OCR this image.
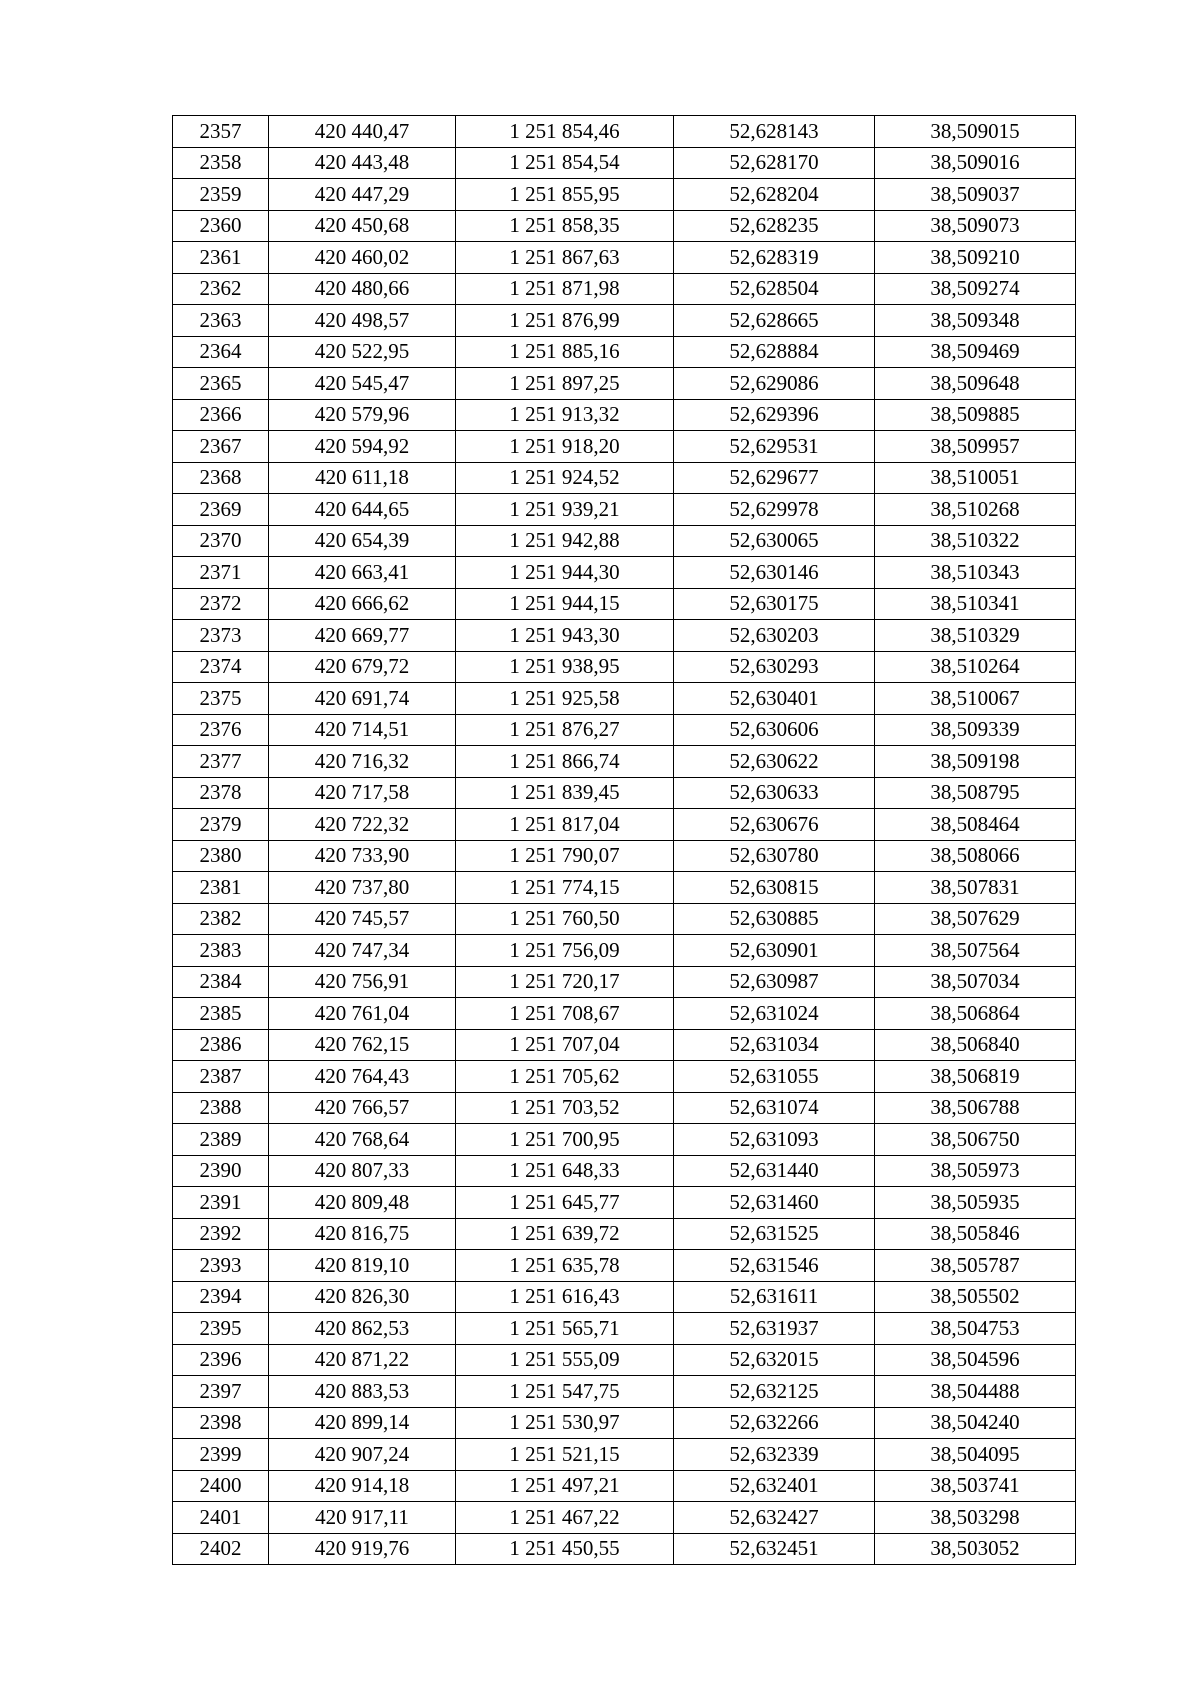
2357	420 440,47	1 251 854,46	52,628143	38,509015
2358	420 443,48	1 251 854,54	52,628170	38,509016
2359	420 447,29	1 251 855,95	52,628204	38,509037
2360	420 450,68	1 251 858,35	52,628235	38,509073
2361	420 460,02	1 251 867,63	52,628319	38,509210
2362	420 480,66	1 251 871,98	52,628504	38,509274
2363	420 498,57	1 251 876,99	52,628665	38,509348
2364	420 522,95	1 251 885,16	52,628884	38,509469
2365	420 545,47	1 251 897,25	52,629086	38,509648
2366	420 579,96	1 251 913,32	52,629396	38,509885
2367	420 594,92	1 251 918,20	52,629531	38,509957
2368	420 611,18	1 251 924,52	52,629677	38,510051
2369	420 644,65	1 251 939,21	52,629978	38,510268
2370	420 654,39	1 251 942,88	52,630065	38,510322
2371	420 663,41	1 251 944,30	52,630146	38,510343
2372	420 666,62	1 251 944,15	52,630175	38,510341
2373	420 669,77	1 251 943,30	52,630203	38,510329
2374	420 679,72	1 251 938,95	52,630293	38,510264
2375	420 691,74	1 251 925,58	52,630401	38,510067
2376	420 714,51	1 251 876,27	52,630606	38,509339
2377	420 716,32	1 251 866,74	52,630622	38,509198
2378	420 717,58	1 251 839,45	52,630633	38,508795
2379	420 722,32	1 251 817,04	52,630676	38,508464
2380	420 733,90	1 251 790,07	52,630780	38,508066
2381	420 737,80	1 251 774,15	52,630815	38,507831
2382	420 745,57	1 251 760,50	52,630885	38,507629
2383	420 747,34	1 251 756,09	52,630901	38,507564
2384	420 756,91	1 251 720,17	52,630987	38,507034
2385	420 761,04	1 251 708,67	52,631024	38,506864
2386	420 762,15	1 251 707,04	52,631034	38,506840
2387	420 764,43	1 251 705,62	52,631055	38,506819
2388	420 766,57	1 251 703,52	52,631074	38,506788
2389	420 768,64	1 251 700,95	52,631093	38,506750
2390	420 807,33	1 251 648,33	52,631440	38,505973
2391	420 809,48	1 251 645,77	52,631460	38,505935
2392	420 816,75	1 251 639,72	52,631525	38,505846
2393	420 819,10	1 251 635,78	52,631546	38,505787
2394	420 826,30	1 251 616,43	52,631611	38,505502
2395	420 862,53	1 251 565,71	52,631937	38,504753
2396	420 871,22	1 251 555,09	52,632015	38,504596
2397	420 883,53	1 251 547,75	52,632125	38,504488
2398	420 899,14	1 251 530,97	52,632266	38,504240
2399	420 907,24	1 251 521,15	52,632339	38,504095
2400	420 914,18	1 251 497,21	52,632401	38,503741
2401	420 917,11	1 251 467,22	52,632427	38,503298
2402	420 919,76	1 251 450,55	52,632451	38,503052
